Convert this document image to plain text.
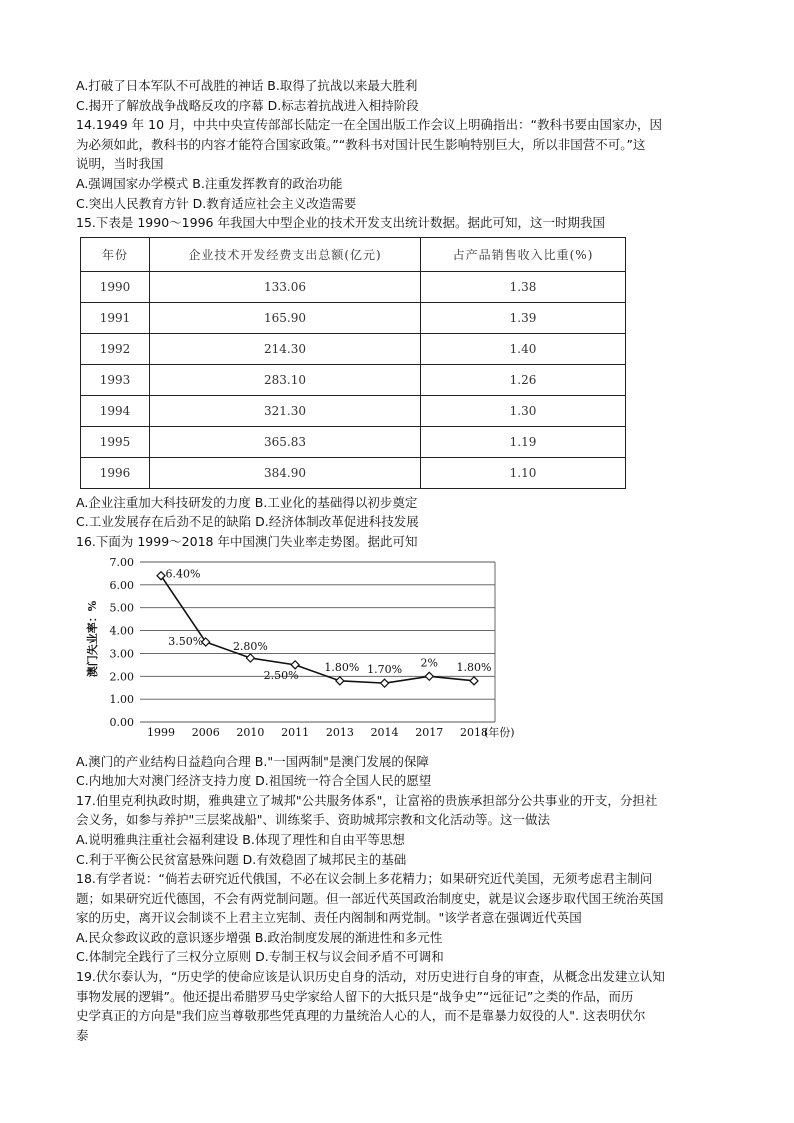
A.打破了日本军队不可战胜的神话 B.取得了抗战以来最大胜利
C.揭开了解放战争战略反攻的序幕 D.标志着抗战进入相持阶段
14.1949 年 10 月，中共中央宣传部部长陆定一在全国出版工作会议上明确指出：“教科书要由国家办，因
为必须如此，教科书的内容才能符合国家政策。”“教科书对国计民生影响特别巨大，所以非国营不可。”这
说明，当时我国
A.强调国家办学模式 B.注重发挥教育的政治功能
C.突出人民教育方针 D.教育适应社会主义改造需要
15.下表是 1990～1996 年我国大中型企业的技术开发支出统计数据。据此可知，这一时期我国
年份	企业技术开发经费支出总额(亿元)	占产品销售收入比重(%)
1990	133.06	1.38
1991	165.90	1.39
1992	214.30	1.40
1993	283.10	1.26
1994	321.30	1.30
1995	365.83	1.19
1996	384.90	1.10
A.企业注重加大科技研发的力度 B.工业化的基础得以初步奠定
C.工业发展存在后劲不足的缺陷 D.经济体制改革促进科技发展
16.下面为 1999～2018 年中国澳门失业率走势图。据此可知
0.00
1.00
2.00
3.00
4.00
5.00
6.00
7.00
1999 2006 2010 2011 2013 2014 2017 2018
6.40%
3.50%	2.80%
2.50%
1.80% 1.70%
2% 1.80%
澳门失业率：%
(年份)
A.澳门的产业结构日益趋向合理 B."一国两制"是澳门发展的保障
C.内地加大对澳门经济支持力度 D.祖国统一符合全国人民的愿望
17.伯里克利执政时期，雅典建立了城邦"公共服务体系"，让富裕的贵族承担部分公共事业的开支，分担社
会义务，如参与养护"三层桨战船"、训练桨手、资助城邦宗教和文化活动等。这一做法
A.说明雅典注重社会福利建设 B.体现了理性和自由平等思想
C.利于平衡公民贫富悬殊问题 D.有效稳固了城邦民主的基础
18.有学者说：“倘若去研究近代俄国，不必在议会制上多花精力；如果研究近代美国，无须考虑君主制问
题；如果研究近代德国，不会有两党制问题。但一部近代英国政治制度史，就是议会逐步取代国王统治英国
家的历史，离开议会制谈不上君主立宪制、责任内阁制和两党制。"该学者意在强调近代英国
A.民众参政议政的意识逐步增强 B.政治制度发展的渐进性和多元性
C.体制完全践行了三权分立原则 D.专制王权与议会间矛盾不可调和
19.伏尔泰认为，“历史学的使命应该是认识历史自身的活动，对历史进行自身的审查，从概念出发建立认知
事物发展的逻辑”。他还提出希腊罗马史学家给人留下的大抵只是“战争史”“远征记”之类的作品，而历
史学真正的方向是"我们应当尊敬那些凭真理的力量统治人心的人，而不是靠暴力奴役的人". 这表明伏尔
泰
